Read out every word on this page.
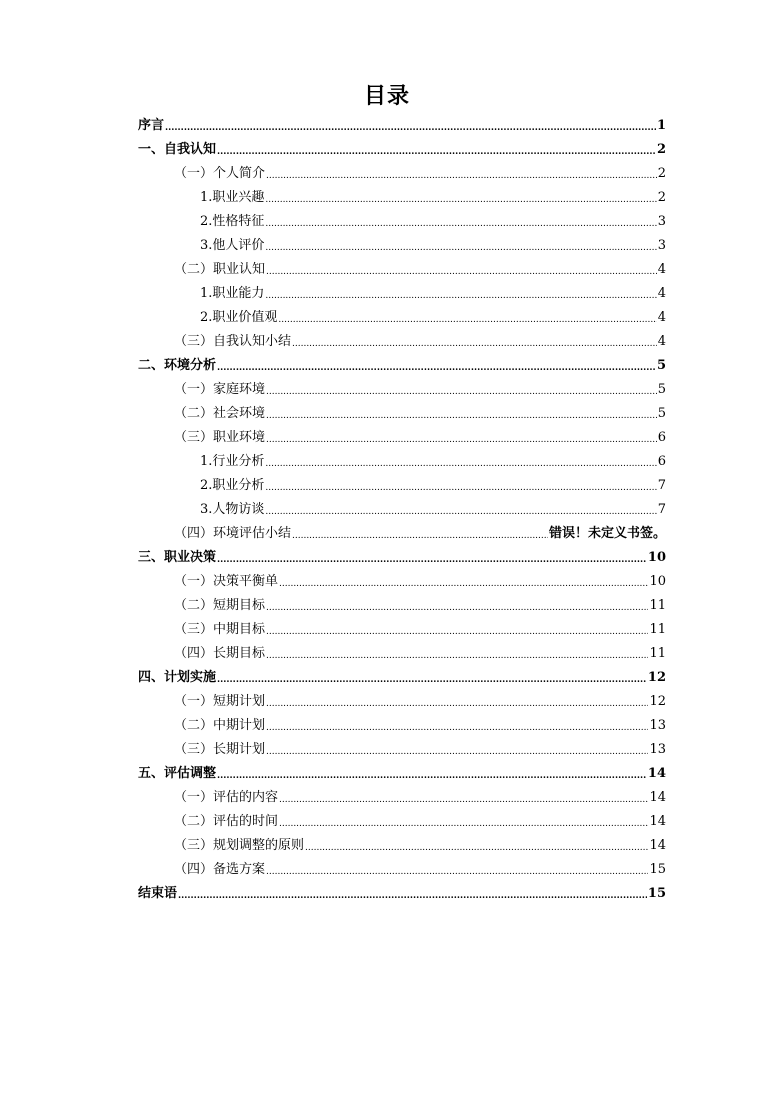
目录
序言 .....	1
一、自我认知 .....	2
（一）个人简介 .....	2
1.职业兴趣 .....	2
2.性格特征 .....	3
3.他人评价 .....	3
（二）职业认知 .....	4
1.职业能力 .....	4
2.职业价值观 .....	4
（三）自我认知小结 .....	4
二、环境分析 .....	5
（一）家庭环境 .....	5
（二）社会环境 .....	5
（三）职业环境 .....	6
1.行业分析 .....	6
2.职业分析 .....	7
3.人物访谈 .....	7
（四）环境评估小结 .....	错误！未定义书签。
三、职业决策 .....	10
（一）决策平衡单 .....	10
（二）短期目标 .....	11
（三）中期目标 .....	11
（四）长期目标 .....	11
四、计划实施 .....	12
（一）短期计划 .....	12
（二）中期计划 .....	13
（三）长期计划 .....	13
五、评估调整 .....	14
（一）评估的内容 .....	14
（二）评估的时间 .....	14
（三）规划调整的原则 .....	14
（四）备选方案 .....	15
结束语 .....	15
